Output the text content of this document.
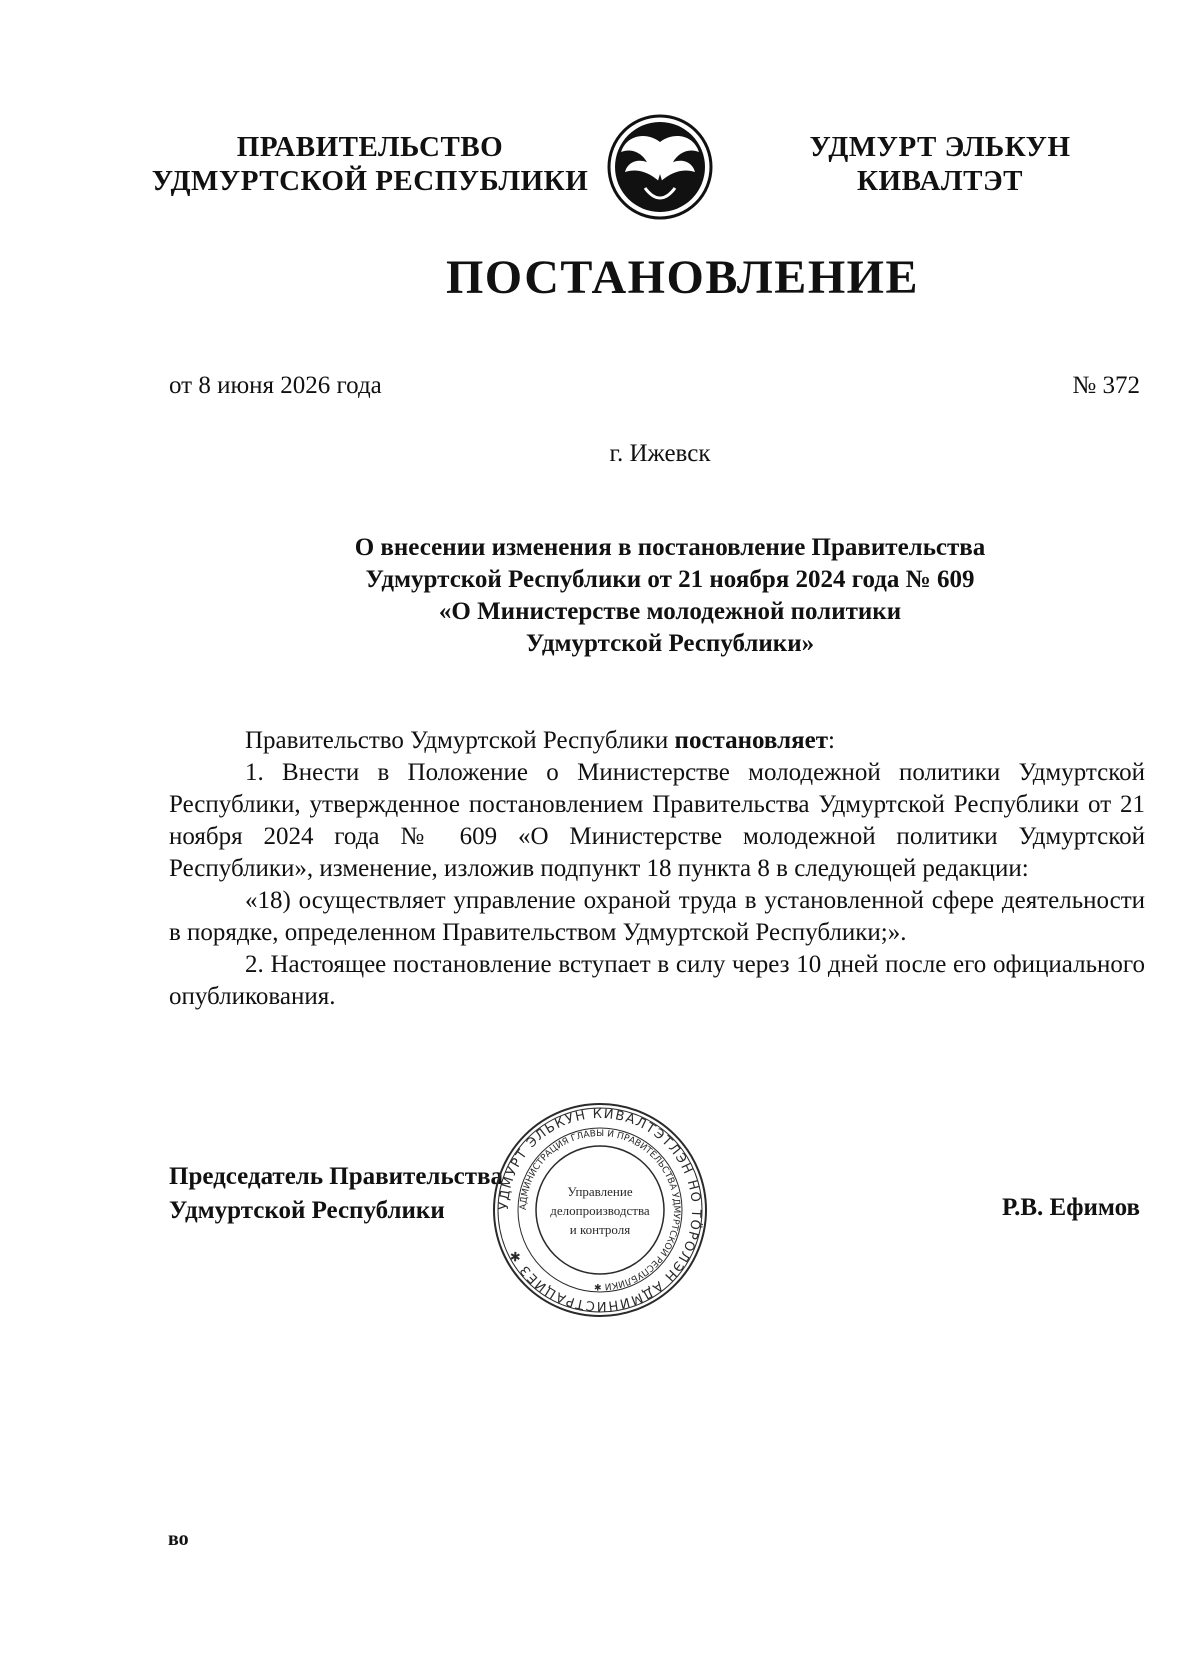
ПРАВИТЕЛЬСТВО
УДМУРТСКОЙ РЕСПУБЛИКИ
УДМУРТ ЭЛЬКУН
КИВАЛТЭТ
ПОСТАНОВЛЕНИЕ
от 8 июня 2026 года	№ 372
г. Ижевск
О внесении изменения в постановление Правительства
Удмуртской Республики от 21 ноября 2024 года № 609
«О Министерстве молодежной политики
Удмуртской Республики»

Правительство Удмуртской Республики постановляет:

1. Внести в Положение о Министерстве молодежной политики Удмуртской Республики, утвержденное постановлением Правительства Удмуртской Республики от 21 ноября 2024 года № 609 «О Министерстве молодежной политики Удмуртской Республики», изменение, изложив подпункт 18 пункта 8 в следующей редакции:

«18) осуществляет управление охраной труда в установленной сфере деятельности в порядке, определенном Правительством Удмуртской Республики;».

2. Настоящее постановление вступает в силу через 10 дней после его официального опубликования.

Председатель Правительства
Удмуртской Республики	Р.В. Ефимов
УДМУРТ ЭЛЬКУН КИВАЛТЭТЛЭН НО ТӦРОЛЭН АДМИНИСТРАЦИЕЗ ✱
АДМИНИСТРАЦИЯ ГЛАВЫ И ПРАВИТЕЛЬСТВА УДМУРТСКОЙ РЕСПУБЛИКИ ✱
Управление
делопроизводства
и контроля
во
